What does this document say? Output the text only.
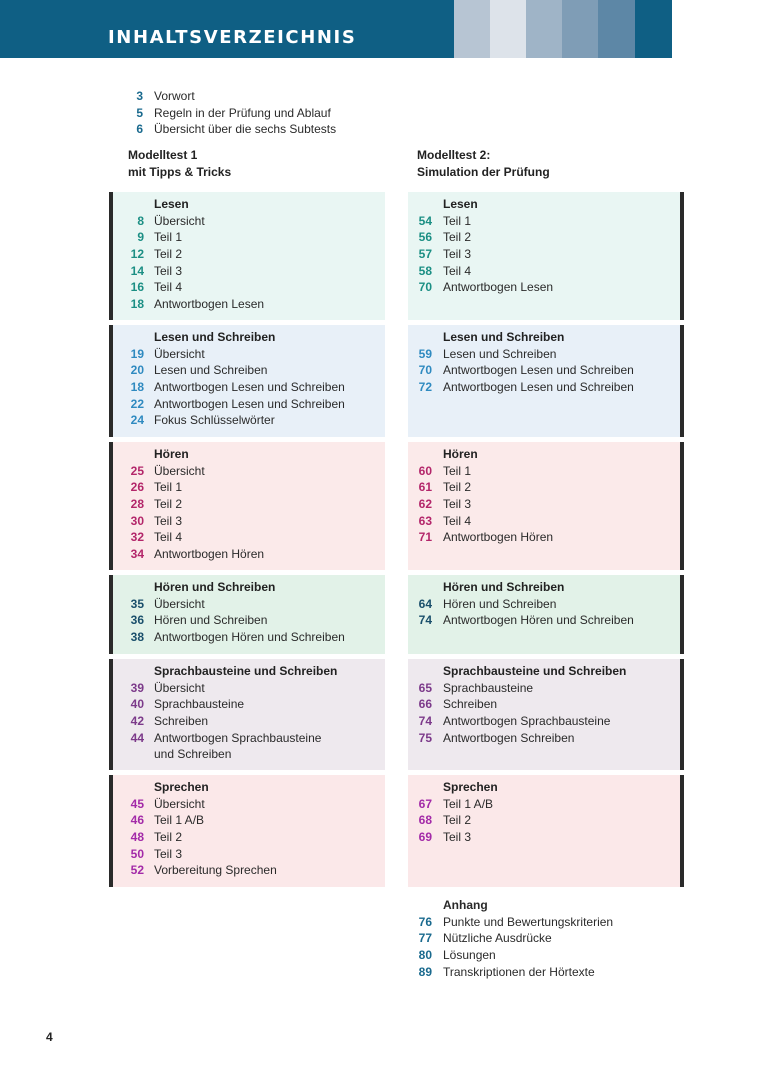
INHALTSVERZEICHNIS
3 Vorwort
5 Regeln in der Prüfung und Ablauf
6 Übersicht über die sechs Subtests
Modelltest 1
mit Tipps & Tricks
Modelltest 2:
Simulation der Prüfung
Lesen
8 Übersicht
9 Teil 1
12 Teil 2
14 Teil 3
16 Teil 4
18 Antwortbogen Lesen
Lesen und Schreiben
19 Übersicht
20 Lesen und Schreiben
18 Antwortbogen Lesen und Schreiben
22 Antwortbogen Lesen und Schreiben
24 Fokus Schlüsselwörter
Hören
25 Übersicht
26 Teil 1
28 Teil 2
30 Teil 3
32 Teil 4
34 Antwortbogen Hören
Hören und Schreiben
35 Übersicht
36 Hören und Schreiben
38 Antwortbogen Hören und Schreiben
Sprachbausteine und Schreiben
39 Übersicht
40 Sprachbausteine
42 Schreiben
44 Antwortbogen Sprachbausteine
und Schreiben
Sprechen
45 Übersicht
46 Teil 1 A/B
48 Teil 2
50 Teil 3
52 Vorbereitung Sprechen
Lesen
54 Teil 1
56 Teil 2
57 Teil 3
58 Teil 4
70 Antwortbogen Lesen
Lesen und Schreiben
59 Lesen und Schreiben
70 Antwortbogen Lesen und Schreiben
72 Antwortbogen Lesen und Schreiben
Hören
60 Teil 1
61 Teil 2
62 Teil 3
63 Teil 4
71 Antwortbogen Hören
Hören und Schreiben
64 Hören und Schreiben
74 Antwortbogen Hören und Schreiben
Sprachbausteine und Schreiben
65 Sprachbausteine
66 Schreiben
74 Antwortbogen Sprachbausteine
75 Antwortbogen Schreiben
Sprechen
67 Teil 1 A/B
68 Teil 2
69 Teil 3
Anhang
76 Punkte und Bewertungskriterien
77 Nützliche Ausdrücke
80 Lösungen
89 Transkriptionen der Hörtexte
4
